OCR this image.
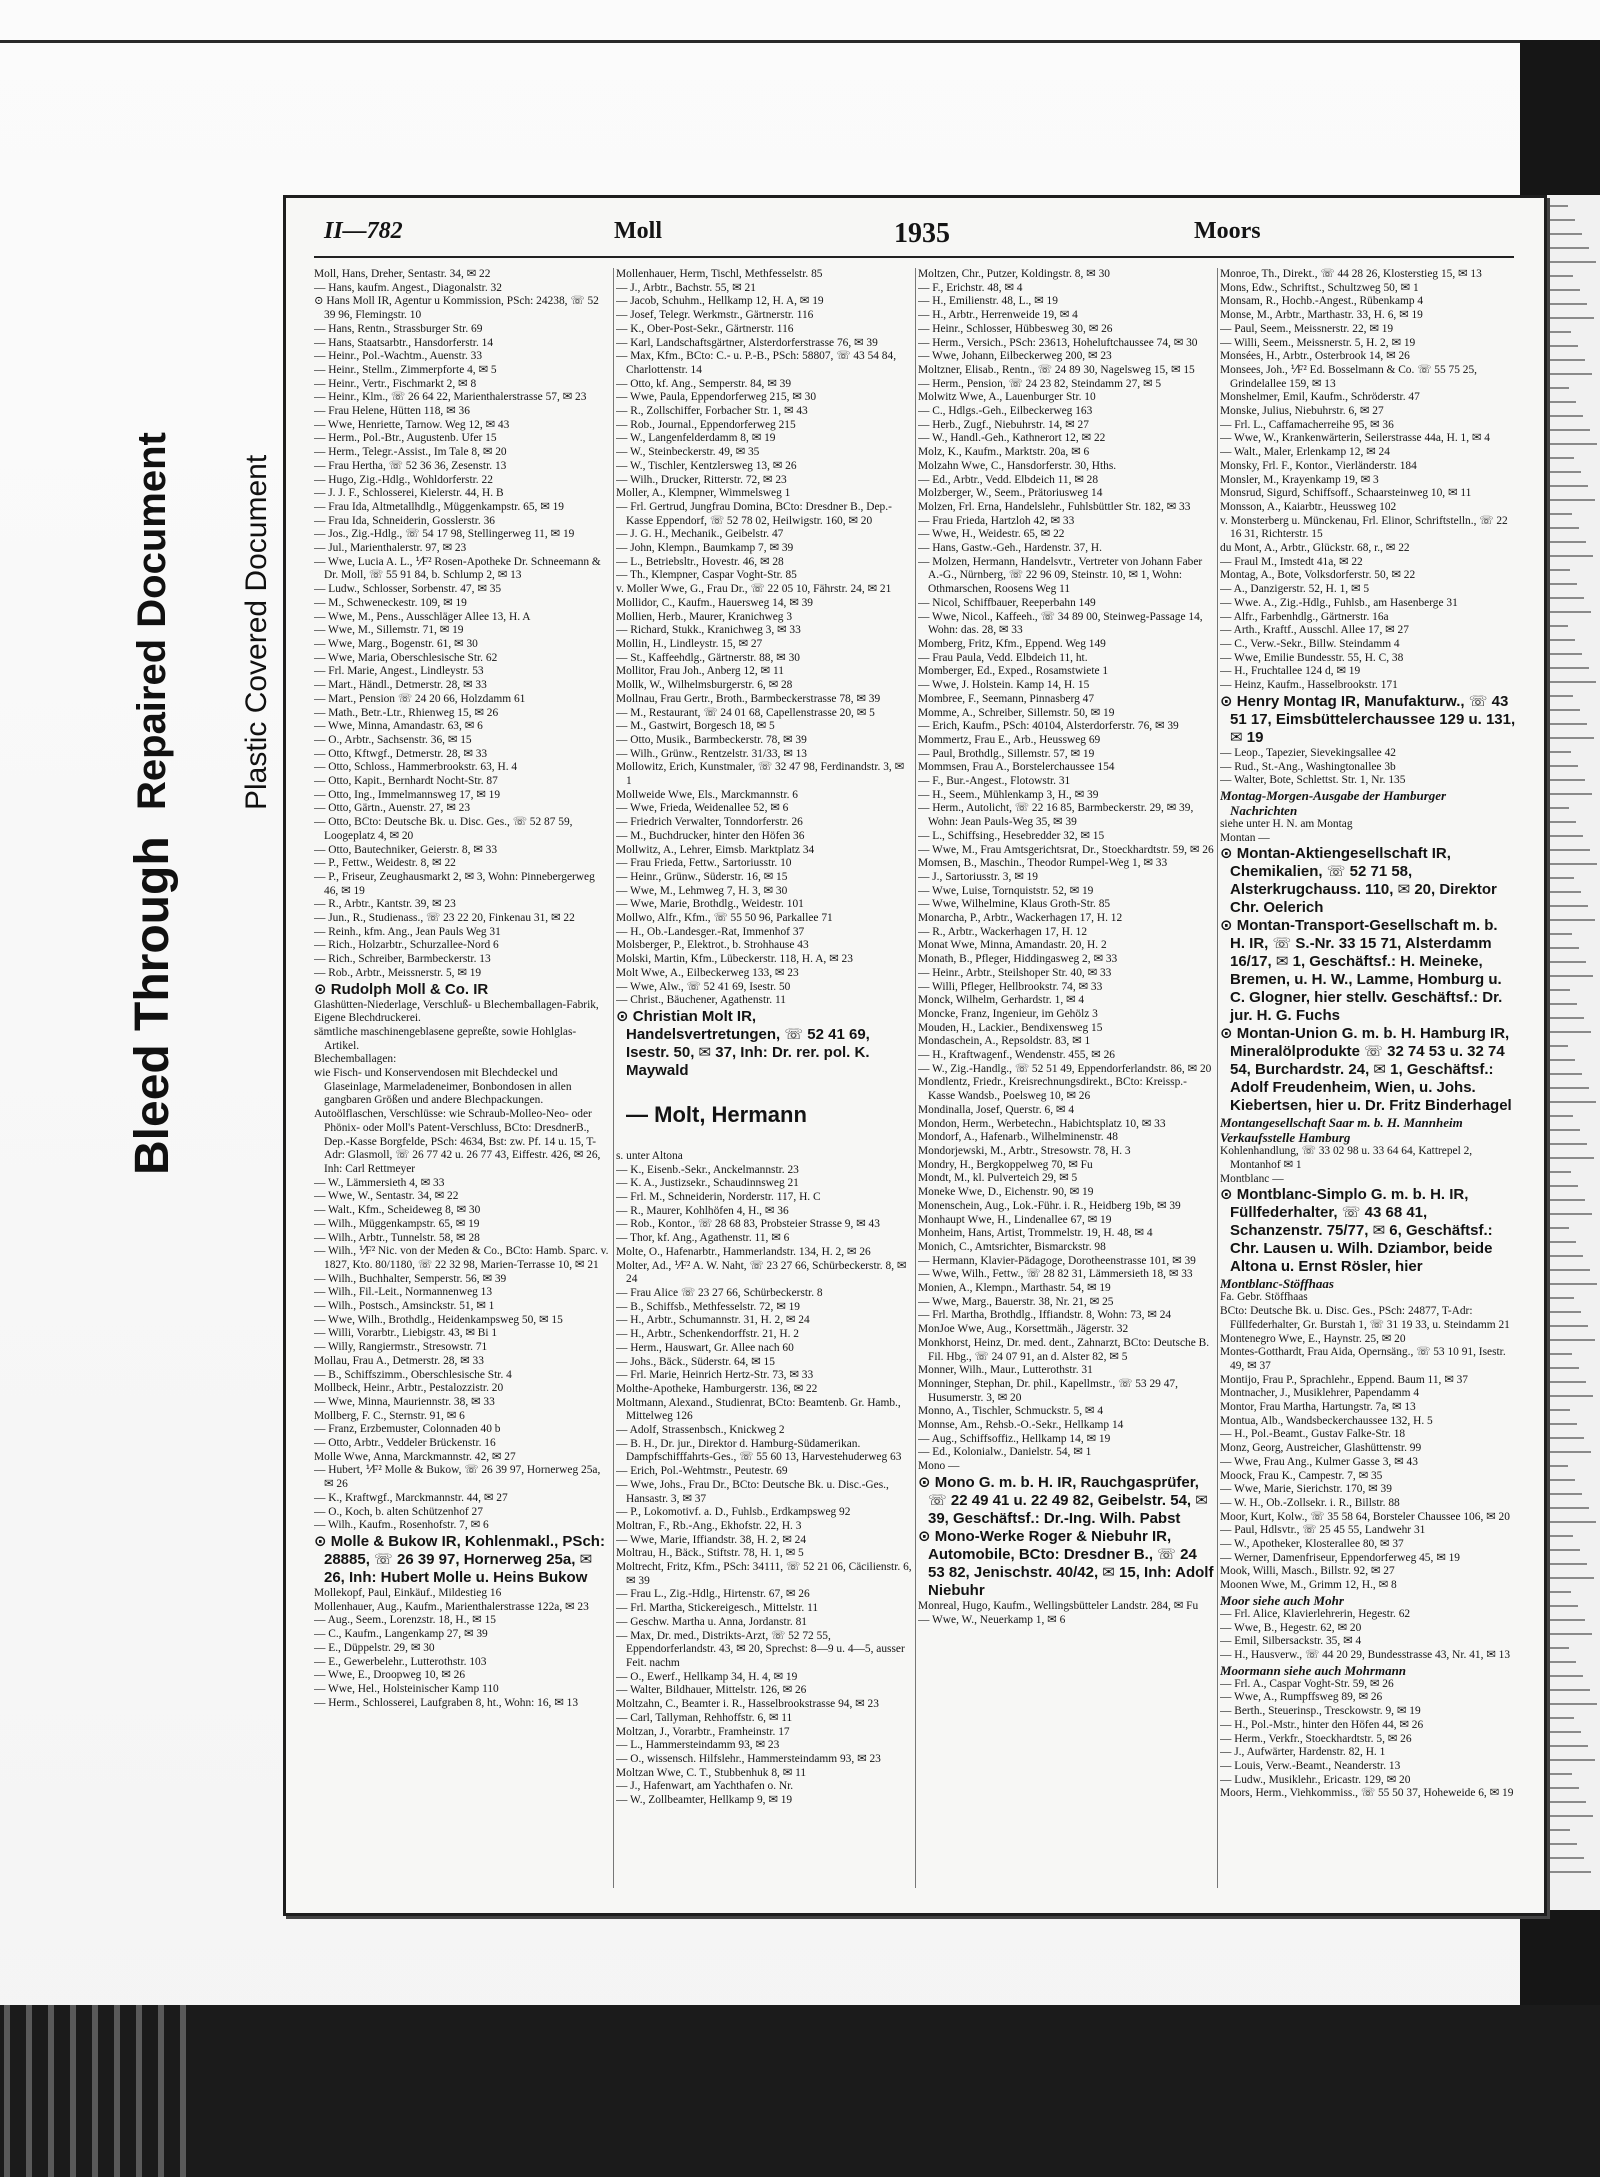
Bleed Through
Repaired Document Plastic Covered Document
II—782	Moll	1935	Moors

Moll, Hans, Dreher, Sentastr. 34, ✉ 22

— Hans, kaufm. Angest., Diagonalstr. 32

⊙ Hans Moll IR, Agentur u Kommission, PSch: 24238, ☏ 52 39 96, Flemingstr. 10

— Hans, Rentn., Strassburger Str. 69

— Hans, Staatsarbtr., Hansdorferstr. 14

— Heinr., Pol.-Wachtm., Auenstr. 33

— Heinr., Stellm., Zimmerpforte 4, ✉ 5

— Heinr., Vertr., Fischmarkt 2, ✉ 8

— Heinr., Klm., ☏ 26 64 22, Marienthalerstrasse 57, ✉ 23

— Frau Helene, Hütten 118, ✉ 36

— Wwe, Henriette, Tarnow. Weg 12, ✉ 43

— Herm., Pol.-Btr., Augustenb. Ufer 15

— Herm., Telegr.-Assist., Im Tale 8, ✉ 20

— Frau Hertha, ☏ 52 36 36, Zesenstr. 13

— Hugo, Zig.-Hdlg., Wohldorferstr. 22

— J. J. F., Schlosserei, Kielerstr. 44, H. B

— Frau Ida, Altmetallhdlg., Müggenkampstr. 65, ✉ 19

— Frau Ida, Schneiderin, Gosslerstr. 36

— Jos., Zig.-Hdlg., ☏ 54 17 98, Stellingerweg 11, ✉ 19

— Jul., Marienthalerstr. 97, ✉ 23

— Wwe, Lucia A. L., ⅟F² Rosen-Apotheke Dr. Schneemann & Dr. Moll, ☏ 55 91 84, b. Schlump 2, ✉ 13

— Ludw., Schlosser, Sorbenstr. 47, ✉ 35

— M., Schweneckestr. 109, ✉ 19

— Wwe, M., Pens., Ausschläger Allee 13, H. A

— Wwe, M., Sillemstr. 71, ✉ 19

— Wwe, Marg., Bogenstr. 61, ✉ 30

— Wwe, Maria, Oberschlesische Str. 62

— Frl. Marie, Angest., Lindleystr. 53

— Mart., Händl., Detmerstr. 28, ✉ 33

— Mart., Pension ☏ 24 20 66, Holzdamm 61

— Math., Betr.-Ltr., Rhienweg 15, ✉ 26

— Wwe, Minna, Amandastr. 63, ✉ 6

— O., Arbtr., Sachsenstr. 36, ✉ 15

— Otto, Kftwgf., Detmerstr. 28, ✉ 33

— Otto, Schloss., Hammerbrookstr. 63, H. 4

— Otto, Kapit., Bernhardt Nocht-Str. 87

— Otto, Ing., Immelmannsweg 17, ✉ 19

— Otto, Gärtn., Auenstr. 27, ✉ 23

— Otto, BCto: Deutsche Bk. u. Disc. Ges., ☏ 52 87 59, Loogeplatz 4, ✉ 20

— Otto, Bautechniker, Geierstr. 8, ✉ 33

— P., Fettw., Weidestr. 8, ✉ 22

— P., Friseur, Zeughausmarkt 2, ✉ 3, Wohn: Pinnebergerweg 46, ✉ 19

— R., Arbtr., Kantstr. 39, ✉ 23

— Jun., R., Studienass., ☏ 23 22 20, Finkenau 31, ✉ 22

— Reinh., kfm. Ang., Jean Pauls Weg 31

— Rich., Holzarbtr., Schurzallee-Nord 6

— Rich., Schreiber, Barmbeckerstr. 13

— Rob., Arbtr., Meissnerstr. 5, ✉ 19

⊙ Rudolph Moll & Co. IR

Glashütten-Niederlage, Verschluß- u Blechemballagen-Fabrik,

Eigene Blechdruckerei.

sämtliche maschinengeblasene gepreßte, sowie Hohlglas-Artikel.

Blechemballagen:

wie Fisch- und Konservendosen mit Blechdeckel und Glaseinlage, Marmeladeneimer, Bonbondosen in allen gangbaren Größen und andere Blechpackungen.

Autoölflaschen, Verschlüsse: wie Schraub-Molleo-Neo- oder Phönix- oder Moll's Patent-Verschluss, BCto: DresdnerB., Dep.-Kasse Borgfelde, PSch: 4634, Bst: zw. Pf. 14 u. 15, T-Adr: Glasmoll, ☏ 26 77 42 u. 26 77 43, Eiffestr. 426, ✉ 26, Inh: Carl Rettmeyer

— W., Lämmersieth 4, ✉ 33

— Wwe, W., Sentastr. 34, ✉ 22

— Walt., Kfm., Scheideweg 8, ✉ 30

— Wilh., Müggenkampstr. 65, ✉ 19

— Wilh., Arbtr., Tunnelstr. 58, ✉ 28

— Wilh., ⅟F² Nic. von der Meden & Co., BCto: Hamb. Sparc. v. 1827, Kto. 80/1180, ☏ 22 32 98, Marien-Terrasse 10, ✉ 21

— Wilh., Buchhalter, Semperstr. 56, ✉ 39

— Wilh., Fil.-Leit., Normannenweg 13

— Wilh., Postsch., Amsinckstr. 51, ✉ 1

— Wwe, Wilh., Brothdlg., Heidenkampsweg 50, ✉ 15

— Willi, Vorarbtr., Liebigstr. 43, ✉ Bi 1

— Willy, Rangiermstr., Stresowstr. 71

Mollau, Frau A., Detmerstr. 28, ✉ 33

— B., Schiffszimm., Oberschlesische Str. 4

Mollbeck, Heinr., Arbtr., Pestalozzistr. 20

— Wwe, Minna, Mauriennstr. 38, ✉ 33

Mollberg, F. C., Sternstr. 91, ✉ 6

— Franz, Erzbemuster, Colonnaden 40 b

— Otto, Arbtr., Veddeler Brückenstr. 16

Molle Wwe, Anna, Marckmannstr. 42, ✉ 27

— Hubert, ⅟F² Molle & Bukow, ☏ 26 39 97, Hornerweg 25a, ✉ 26

— K., Kraftwgf., Marckmannstr. 44, ✉ 27

— O., Koch, b. alten Schützenhof 27

— Wilh., Kaufm., Rosenhofstr. 7, ✉ 6

⊙ Molle & Bukow IR, Kohlenmakl., PSch: 28885, ☏ 26 39 97, Hornerweg 25a, ✉ 26, Inh: Hubert Molle u. Heins Bukow

Mollekopf, Paul, Einkäuf., Mildestieg 16

Mollenhauer, Aug., Kaufm., Marienthalerstrasse 122a, ✉ 23

— Aug., Seem., Lorenzstr. 18, H., ✉ 15

— C., Kaufm., Langenkamp 27, ✉ 39

— E., Düppelstr. 29, ✉ 30

— E., Gewerbelehr., Lutterothstr. 103

— Wwe, E., Droopweg 10, ✉ 26

— Wwe, Hel., Holsteinischer Kamp 110

— Herm., Schlosserei, Laufgraben 8, ht., Wohn: 16, ✉ 13

Mollenhauer, Herm, Tischl, Methfesselstr. 85

— J., Arbtr., Bachstr. 55, ✉ 21

— Jacob, Schuhm., Hellkamp 12, H. A, ✉ 19

— Josef, Telegr. Werkmstr., Gärtnerstr. 116

— K., Ober-Post-Sekr., Gärtnerstr. 116

— Karl, Landschaftsgärtner, Alsterdorferstrasse 76, ✉ 39

— Max, Kfm., BCto: C.- u. P.-B., PSch: 58807, ☏ 43 54 84, Charlottenstr. 14

— Otto, kf. Ang., Semperstr. 84, ✉ 39

— Wwe, Paula, Eppendorferweg 215, ✉ 30

— R., Zollschiffer, Forbacher Str. 1, ✉ 43

— Rob., Journal., Eppendorferweg 215

— W., Langenfelderdamm 8, ✉ 19

— W., Steinbeckerstr. 49, ✉ 35

— W., Tischler, Kentzlersweg 13, ✉ 26

— Wilh., Drucker, Ritterstr. 72, ✉ 23

Moller, A., Klempner, Wimmelsweg 1

— Frl. Gertrud, Jungfrau Domina, BCto: Dresdner B., Dep.-Kasse Eppendorf, ☏ 52 78 02, Heilwigstr. 160, ✉ 20

— J. G. H., Mechanik., Geibelstr. 47

— John, Klempn., Baumkamp 7, ✉ 39

— L., Betriebsltr., Hovestr. 46, ✉ 28

— Th., Klempner, Caspar Voght-Str. 85

v. Moller Wwe, G., Frau Dr., ☏ 22 05 10, Fährstr. 24, ✉ 21

Mollidor, C., Kaufm., Hauersweg 14, ✉ 39

Mollien, Herb., Maurer, Kranichweg 3

— Richard, Stukk., Kranichweg 3, ✉ 33

Mollin, H., Lindleystr. 15, ✉ 27

— St., Kaffeehdlg., Gärtnerstr. 88, ✉ 30

Mollitor, Frau Joh., Anberg 12, ✉ 11

Mollk, W., Wilhelmsburgerstr. 6, ✉ 28

Mollnau, Frau Gertr., Broth., Barmbeckerstrasse 78, ✉ 39

— M., Restaurant, ☏ 24 01 68, Capellenstrasse 20, ✉ 5

— M., Gastwirt, Borgesch 18, ✉ 5

— Otto, Musik., Barmbeckerstr. 78, ✉ 39

— Wilh., Grünw., Rentzelstr. 31/33, ✉ 13

Mollowitz, Erich, Kunstmaler, ☏ 32 47 98, Ferdinandstr. 3, ✉ 1

Mollweide Wwe, Els., Marckmannstr. 6

— Wwe, Frieda, Weidenallee 52, ✉ 6

— Friedrich Verwalter, Tonndorferstr. 26

— M., Buchdrucker, hinter den Höfen 36

Mollwitz, A., Lehrer, Eimsb. Marktplatz 34

— Frau Frieda, Fettw., Sartoriusstr. 10

— Heinr., Grünw., Süderstr. 16, ✉ 15

— Wwe, M., Lehmweg 7, H. 3, ✉ 30

— Wwe, Marie, Brothdlg., Weidestr. 101

Mollwo, Alfr., Kfm., ☏ 55 50 96, Parkallee 71

— H., Ob.-Landesger.-Rat, Immenhof 37

Molsberger, P., Elektrot., b. Strohhause 43

Molski, Martin, Kfm., Lübeckerstr. 118, H. A, ✉ 23

Molt Wwe, A., Eilbeckerweg 133, ✉ 23

— Wwe, Alw., ☏ 52 41 69, Isestr. 50

— Christ., Bäuchener, Agathenstr. 11

⊙ Christian Molt IR, Handelsvertretungen, ☏ 52 41 69, Isestr. 50, ✉ 37, Inh: Dr. rer. pol. K. Maywald

— Molt, Hermann

s. unter Altona

— K., Eisenb.-Sekr., Anckelmannstr. 23

— K. A., Justizsekr., Schaudinnsweg 21

— Frl. M., Schneiderin, Norderstr. 117, H. C

— R., Maurer, Kohlhöfen 4, H., ✉ 36

— Rob., Kontor., ☏ 28 68 83, Probsteier Strasse 9, ✉ 43

— Thor, kf. Ang., Agathenstr. 11, ✉ 6

Molte, O., Hafenarbtr., Hammerlandstr. 134, H. 2, ✉ 26

Molter, Ad., ⅟F² A. W. Naht, ☏ 23 27 66, Schürbeckerstr. 8, ✉ 24

— Frau Alice ☏ 23 27 66, Schürbeckerstr. 8

— B., Schiffsb., Methfesselstr. 72, ✉ 19

— H., Arbtr., Schumannstr. 31, H. 2, ✉ 24

— H., Arbtr., Schenkendorffstr. 21, H. 2

— Herm., Hauswart, Gr. Allee nach 60

— Johs., Bäck., Süderstr. 64, ✉ 15

— Frl. Marie, Heinrich Hertz-Str. 73, ✉ 33

Molthe-Apotheke, Hamburgerstr. 136, ✉ 22

Moltmann, Alexand., Studienrat, BCto: Beamtenb. Gr. Hamb., Mittelweg 126

— Adolf, Strassenbsch., Knickweg 2

— B. H., Dr. jur., Direktor d. Hamburg-Südamerikan. Dampfschifffahrts-Ges., ☏ 55 60 13, Harvestehuderweg 63

— Erich, Pol.-Wehtmstr., Peutestr. 69

— Wwe, Johs., Frau Dr., BCto: Deutsche Bk. u. Disc.-Ges., Hansastr. 3, ✉ 37

— P., Lokomotivf. a. D., Fuhlsb., Erdkampsweg 92

Moltran, F., Rb.-Ang., Ekhofstr. 22, H. 3

— Wwe, Marie, Iffiandstr. 38, H. 2, ✉ 24

Moltrau, H., Bäck., Stiftstr. 78, H. 1, ✉ 5

Moltrecht, Fritz, Kfm., PSch: 34111, ☏ 52 21 06, Cäcilienstr. 6, ✉ 39

— Frau L., Zig.-Hdlg., Hirtenstr. 67, ✉ 26

— Frl. Martha, Stickereigesch., Mittelstr. 11

— Geschw. Martha u. Anna, Jordanstr. 81

— Max, Dr. med., Distrikts-Arzt, ☏ 52 72 55, Eppendorferlandstr. 43, ✉ 20, Sprechst: 8—9 u. 4—5, ausser Feit. nachm

— O., Ewerf., Hellkamp 34, H. 4, ✉ 19

— Walter, Bildhauer, Mittelstr. 126, ✉ 26

Moltzahn, C., Beamter i. R., Hasselbrookstrasse 94, ✉ 23

— Carl, Tallyman, Rehhoffstr. 6, ✉ 11

Moltzan, J., Vorarbtr., Framheinstr. 17

— L., Hammersteindamm 93, ✉ 23

— O., wissensch. Hilfslehr., Hammersteindamm 93, ✉ 23

Moltzan Wwe, C. T., Stubbenhuk 8, ✉ 11

— J., Hafenwart, am Yachthafen o. Nr.

— W., Zollbeamter, Hellkamp 9, ✉ 19

Moltzen, Chr., Putzer, Koldingstr. 8, ✉ 30

— F., Erichstr. 48, ✉ 4

— H., Emilienstr. 48, L., ✉ 19

— H., Arbtr., Herrenweide 19, ✉ 4

— Heinr., Schlosser, Hübbesweg 30, ✉ 26

— Herm., Versich., PSch: 23613, Hoheluftchaussee 74, ✉ 30

— Wwe, Johann, Eilbeckerweg 200, ✉ 23

Moltzner, Elisab., Rentn., ☏ 24 89 30, Nagelsweg 15, ✉ 15

— Herm., Pension, ☏ 24 23 82, Steindamm 27, ✉ 5

Molwitz Wwe, A., Lauenburger Str. 10

— C., Hdlgs.-Geh., Eilbeckerweg 163

— Herb., Zugf., Niebuhrstr. 14, ✉ 27

— W., Handl.-Geh., Kathnerort 12, ✉ 22

Molz, K., Kaufm., Marktstr. 20a, ✉ 6

Molzahn Wwe, C., Hansdorferstr. 30, Hths.

— Ed., Arbtr., Vedd. Elbdeich 11, ✉ 28

Molzberger, W., Seem., Prätoriusweg 14

Molzen, Frl. Erna, Handelslehr., Fuhlsbüttler Str. 182, ✉ 33

— Frau Frieda, Hartzloh 42, ✉ 33

— Wwe, H., Weidestr. 65, ✉ 22

— Hans, Gastw.-Geh., Hardenstr. 37, H.

— Molzen, Hermann, Handelsvtr., Vertreter von Johann Faber A.-G., Nürnberg, ☏ 22 96 09, Steinstr. 10, ✉ 1, Wohn: Othmarschen, Roosens Weg 11

— Nicol, Schiffbauer, Reeperbahn 149

— Wwe, Nicol., Kaffeeh., ☏ 34 89 00, Steinweg-Passage 14, Wohn: das. 28, ✉ 33

Momberg, Fritz, Kfm., Eppend. Weg 149

— Frau Paula, Vedd. Elbdeich 11, ht.

Momberger, Ed., Exped., Rosamstwiete 1

— Wwe, J. Holstein. Kamp 14, H. 15

Mombree, F., Seemann, Pinnasberg 47

Momme, A., Schreiber, Sillemstr. 50, ✉ 19

— Erich, Kaufm., PSch: 40104, Alsterdorferstr. 76, ✉ 39

Mommertz, Frau E., Arb., Heussweg 69

— Paul, Brothdlg., Sillemstr. 57, ✉ 19

Mommsen, Frau A., Borstelerchaussee 154

— F., Bur.-Angest., Flotowstr. 31

— H., Seem., Mühlenkamp 3, H., ✉ 39

— Herm., Autolicht, ☏ 22 16 85, Barmbeckerstr. 29, ✉ 39, Wohn: Jean Pauls-Weg 35, ✉ 39

— L., Schiffsing., Hesebredder 32, ✉ 15

— Wwe, M., Frau Amtsgerichtsrat, Dr., Stoeckhardtstr. 59, ✉ 26

Momsen, B., Maschin., Theodor Rumpel-Weg 1, ✉ 33

— J., Sartoriusstr. 3, ✉ 19

— Wwe, Luise, Tornquiststr. 52, ✉ 19

— Wwe, Wilhelmine, Klaus Groth-Str. 85

Monarcha, P., Arbtr., Wackerhagen 17, H. 12

— R., Arbtr., Wackerhagen 17, H. 12

Monat Wwe, Minna, Amandastr. 20, H. 2

Monath, B., Pfleger, Hiddingasweg 2, ✉ 33

— Heinr., Arbtr., Steilshoper Str. 40, ✉ 33

— Willi, Pfleger, Hellbrookstr. 74, ✉ 33

Monck, Wilhelm, Gerhardstr. 1, ✉ 4

Moncke, Franz, Ingenieur, im Gehölz 3

Mouden, H., Lackier., Bendixensweg 15

Mondaschein, A., Repsoldstr. 83, ✉ 1

— H., Kraftwagenf., Wendenstr. 455, ✉ 26

— W., Zig.-Handlg., ☏ 52 51 49, Eppendorferlandstr. 86, ✉ 20

Mondlentz, Friedr., Kreisrechnungsdirekt., BCto: Kreissp.-Kasse Wandsb., Poelsweg 10, ✉ 26

Mondinalla, Josef, Querstr. 6, ✉ 4

Mondon, Herm., Werbetechn., Habichtsplatz 10, ✉ 33

Mondorf, A., Hafenarb., Wilhelminenstr. 48

Mondorjewski, M., Arbtr., Stresowstr. 78, H. 3

Mondry, H., Bergkoppelweg 70, ✉ Fu

Mondt, M., kl. Pulverteich 29, ✉ 5

Moneke Wwe, D., Eichenstr. 90, ✉ 19

Monenschein, Aug., Lok.-Führ. i. R., Heidberg 19b, ✉ 39

Monhaupt Wwe, H., Lindenallee 67, ✉ 19

Monheim, Hans, Artist, Trommelstr. 19, H. 48, ✉ 4

Monich, C., Amtsrichter, Bismarckstr. 98

— Hermann, Klavier-Pädagoge, Dorotheenstrasse 101, ✉ 39

— Wwe, Wilh., Fettw., ☏ 28 82 31, Lämmersieth 18, ✉ 33

Monien, A., Klempn., Marthastr. 54, ✉ 19

— Wwe, Marg., Bauerstr. 38, Nr. 21, ✉ 25

— Frl. Martha, Brothdlg., Iffiandstr. 8, Wohn: 73, ✉ 24

MonJoe Wwe, Aug., Korsettmäh., Jägerstr. 32

Monkhorst, Heinz, Dr. med. dent., Zahnarzt, BCto: Deutsche B. Fil. Hbg., ☏ 24 07 91, an d. Alster 82, ✉ 5

Monner, Wilh., Maur., Lutterothstr. 31

Monninger, Stephan, Dr. phil., Kapellmstr., ☏ 53 29 47, Husumerstr. 3, ✉ 20

Monno, A., Tischler, Schmuckstr. 5, ✉ 4

Monnse, Am., Rehsb.-O.-Sekr., Hellkamp 14

— Aug., Schiffsoffiz., Hellkamp 14, ✉ 19

— Ed., Kolonialw., Danielstr. 54, ✉ 1

Mono —

⊙ Mono G. m. b. H. IR, Rauchgasprüfer, ☏ 22 49 41 u. 22 49 82, Geibelstr. 54, ✉ 39, Geschäftsf.: Dr.-Ing. Wilh. Pabst

⊙ Mono-Werke Roger & Niebuhr IR, Automobile, BCto: Dresdner B., ☏ 24 53 82, Jenischstr. 40/42, ✉ 15, Inh: Adolf Niebuhr

Monreal, Hugo, Kaufm., Wellingsbütteler Landstr. 284, ✉ Fu

— Wwe, W., Neuerkamp 1, ✉ 6

Monroe, Th., Direkt., ☏ 44 28 26, Klosterstieg 15, ✉ 13

Mons, Edw., Schriftst., Schultzweg 50, ✉ 1

Monsam, R., Hochb.-Angest., Rübenkamp 4

Monse, M., Arbtr., Marthastr. 33, H. 6, ✉ 19

— Paul, Seem., Meissnerstr. 22, ✉ 19

— Willi, Seem., Meissnerstr. 5, H. 2, ✉ 19

Monsées, H., Arbtr., Osterbrook 14, ✉ 26

Monsees, Joh., ⅟F² Ed. Bosselmann & Co. ☏ 55 75 25, Grindelallee 159, ✉ 13

Monshelmer, Emil, Kaufm., Schröderstr. 47

Monske, Julius, Niebuhrstr. 6, ✉ 27

— Frl. L., Caffamacherreihe 95, ✉ 36

— Wwe, W., Krankenwärterin, Seilerstrasse 44a, H. 1, ✉ 4

— Walt., Maler, Erlenkamp 12, ✉ 24

Monsky, Frl. F., Kontor., Vierländerstr. 184

Monsler, M., Krayenkamp 19, ✉ 3

Monsrud, Sigurd, Schiffsoff., Schaarsteinweg 10, ✉ 11

Monsson, A., Kaiarbtr., Heussweg 102

v. Monsterberg u. Münckenau, Frl. Elinor, Schriftstelln., ☏ 22 16 31, Richterstr. 15

du Mont, A., Arbtr., Glückstr. 68, r., ✉ 22

— Fraul M., Imstedt 41a, ✉ 22

Montag, A., Bote, Volksdorferstr. 50, ✉ 22

— A., Danzigerstr. 52, H. 1, ✉ 5

— Wwe. A., Zig.-Hdlg., Fuhlsb., am Hasenberge 31

— Alfr., Farbenhdlg., Gärtnerstr. 16a

— Arth., Kraftf., Ausschl. Allee 17, ✉ 27

— C., Verw.-Sekr., Billw. Steindamm 4

— Wwe, Emilie Bundesstr. 55, H. C, 38

— H., Fruchtallee 124 d, ✉ 19

— Heinz, Kaufm., Hasselbrookstr. 171

⊙ Henry Montag IR, Manufakturw., ☏ 43 51 17, Eimsbüttelerchaussee 129 u. 131, ✉ 19

— Leop., Tapezier, Sievekingsallee 42

— Rud., St.-Ang., Washingtonallee 3b

— Walter, Bote, Schlettst. Str. 1, Nr. 135

Montag-Morgen-Ausgabe der Hamburger Nachrichten

siehe unter H. N. am Montag

Montan —

⊙ Montan-Aktiengesellschaft IR, Chemikalien, ☏ 52 71 58, Alsterkrugchauss. 110, ✉ 20, Direktor Chr. Oelerich

⊙ Montan-Transport-Gesellschaft m. b. H. IR, ☏ S.-Nr. 33 15 71, Alsterdamm 16/17, ✉ 1, Geschäftsf.: H. Meineke, Bremen, u. H. W., Lamme, Homburg u. C. Glogner, hier stellv. Geschäftsf.: Dr. jur. H. G. Fuchs

⊙ Montan-Union G. m. b. H. Hamburg IR, Mineralölprodukte ☏ 32 74 53 u. 32 74 54, Burchardstr. 24, ✉ 1, Geschäftsf.: Adolf Freudenheim, Wien, u. Johs. Kiebertsen, hier u. Dr. Fritz Binderhagel

Montangesellschaft Saar m. b. H. Mannheim

Verkaufsstelle Hamburg

Kohlenhandlung, ☏ 33 02 98 u. 33 64 64, Kattrepel 2, Montanhof ✉ 1

Montblanc —

⊙ Montblanc-Simplo G. m. b. H. IR, Füllfederhalter, ☏ 43 68 41, Schanzenstr. 75/77, ✉ 6, Geschäftsf.: Chr. Lausen u. Wilh. Dziambor, beide Altona u. Ernst Rösler, hier

Montblanc-Stöffhaas

Fa. Gebr. Stöffhaas

BCto: Deutsche Bk. u. Disc. Ges., PSch: 24877, T-Adr: Füllfederhalter, Gr. Burstah 1, ☏ 31 19 33, u. Steindamm 21

Montenegro Wwe, E., Haynstr. 25, ✉ 20

Montes-Gotthardt, Frau Aida, Opernsäng., ☏ 53 10 91, Isestr. 49, ✉ 37

Montijo, Frau P., Sprachlehr., Eppend. Baum 11, ✉ 37

Montnacher, J., Musiklehrer, Papendamm 4

Montor, Frau Martha, Hartungstr. 7a, ✉ 13

Montua, Alb., Wandsbeckerchaussee 132, H. 5

— H., Pol.-Beamt., Gustav Falke-Str. 18

Monz, Georg, Austreicher, Glashüttenstr. 99

— Wwe, Frau Ang., Kulmer Gasse 3, ✉ 43

Moock, Frau K., Campestr. 7, ✉ 35

— Wwe, Marie, Sierichstr. 170, ✉ 39

— W. H., Ob.-Zollsekr. i. R., Billstr. 88

Moor, Kurt, Kolw., ☏ 35 58 64, Borsteler Chaussee 106, ✉ 20

— Paul, Hdlsvtr., ☏ 25 45 55, Landwehr 31

— W., Apotheker, Klosterallee 80, ✉ 37

— Werner, Damenfriseur, Eppendorferweg 45, ✉ 19

Mook, Willi, Masch., Billstr. 92, ✉ 27

Moonen Wwe, M., Grimm 12, H., ✉ 8

Moor siehe auch Mohr

— Frl. Alice, Klavierlehrerin, Hegestr. 62

— Wwe, B., Hegestr. 62, ✉ 20

— Emil, Silbersackstr. 35, ✉ 4

— H., Hausverw., ☏ 44 20 29, Bundesstrasse 43, Nr. 41, ✉ 13

Moormann siehe auch Mohrmann

— Frl. A., Caspar Voght-Str. 59, ✉ 26

— Wwe, A., Rumpffsweg 89, ✉ 26

— Berth., Steuerinsp., Tresckowstr. 9, ✉ 19

— H., Pol.-Mstr., hinter den Höfen 44, ✉ 26

— Herm., Verkfr., Stoeckhardtstr. 5, ✉ 26

— J., Aufwärter, Hardenstr. 82, H. 1

— Louis, Verw.-Beamt., Neanderstr. 13

— Ludw., Musiklehr., Ericastr. 129, ✉ 20

Moors, Herm., Viehkommiss., ☏ 55 50 37, Hoheweide 6, ✉ 19
